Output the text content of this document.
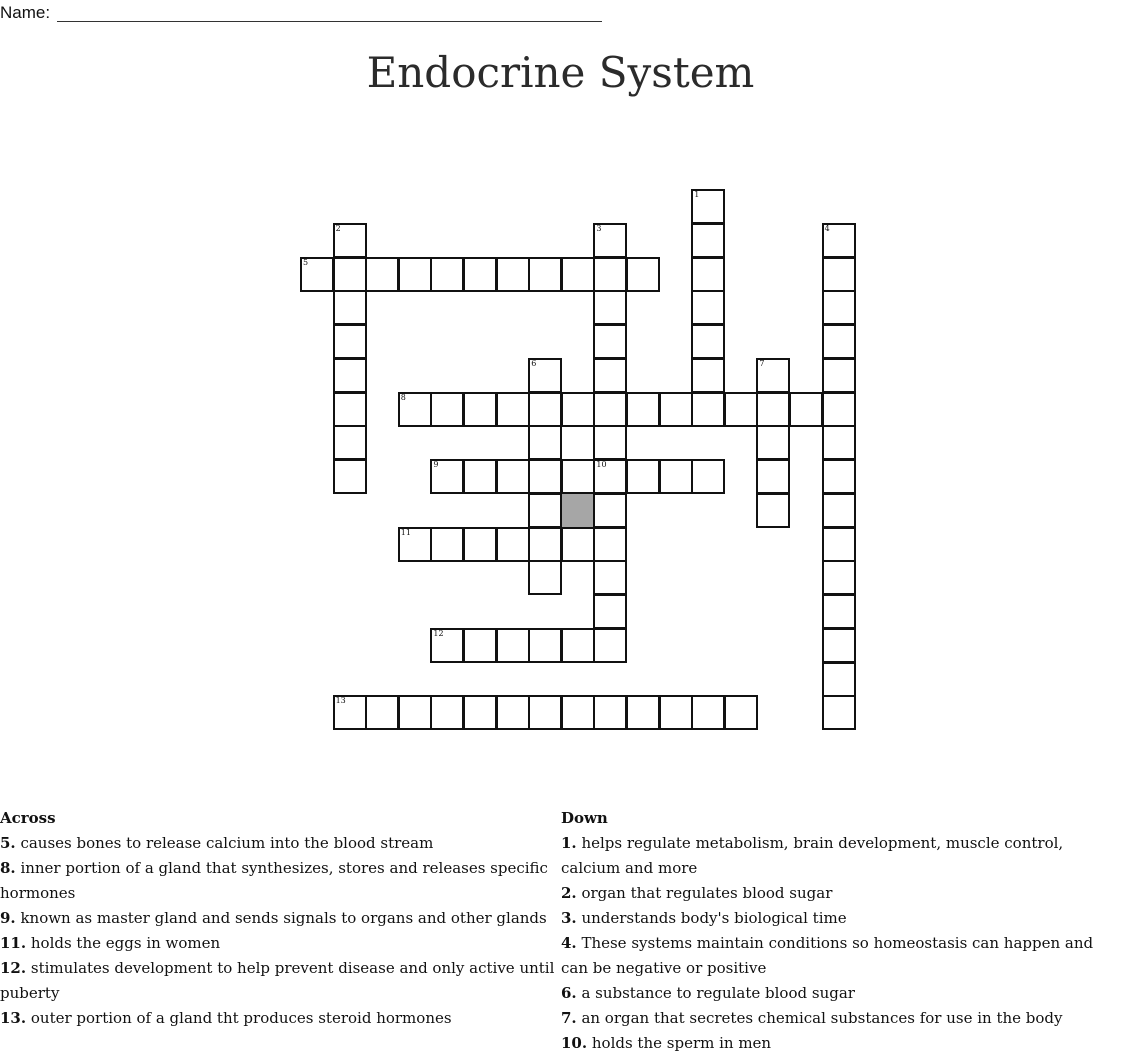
Name:
Endocrine System
1
2	3
10
4
5
6	7
8
9
11
12
13
Across
5. causes bones to release calcium into the blood stream
8. inner portion of a gland that synthesizes, stores and releases specific hormones
9. known as master gland and sends signals to organs and other glands
11. holds the eggs in women
12. stimulates development to help prevent disease and only active until puberty
13. outer portion of a gland tht produces steroid hormones
Down
1. helps regulate metabolism, brain development, muscle control, calcium and more
2. organ that regulates blood sugar
3. understands body's biological time
4. These systems maintain conditions so homeostasis can happen and can be negative or positive
6. a substance to regulate blood sugar
7. an organ that secretes chemical substances for use in the body
10. holds the sperm in men
